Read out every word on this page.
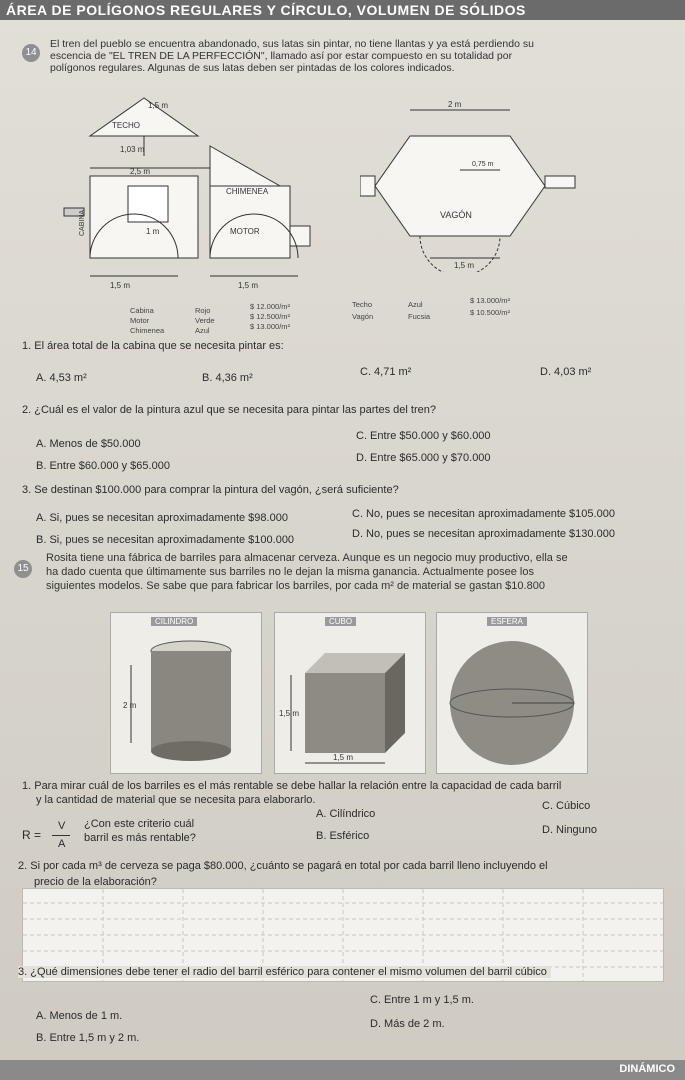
ÁREA DE POLÍGONOS REGULARES Y CÍRCULO, VOLUMEN DE SÓLIDOS
14
El tren del pueblo se encuentra abandonado, sus latas sin pintar, no tiene llantas y ya está perdiendo su
escencia de "EL TREN DE LA PERFECCIÓN", llamado así por estar compuesto en su totalidad por
polígonos regulares. Algunas de sus latas deben ser pintadas de los colores indicados.
1,5 m
TECHO
1,03 m
2,5 m
CHIMENEA
CABINA	1 m	MOTOR
1,5 m	1,5 m
2 m
0,75 m
VAGÓN
1,5 m
Cabina	Rojo	$ 12.000/m²
Motor	Verde	$ 12.500/m²
Chimenea	Azul	$ 13.000/m²
Techo	Azul	$ 13.000/m²
Vagón	Fucsia	$ 10.500/m²
1. El área total de la cabina que se necesita pintar es:
A. 4,53 m²	B. 4,36 m²	C. 4,71 m²	D. 4,03 m²
2. ¿Cuál es el valor de la pintura azul que se necesita para pintar las partes del tren?
A. Menos de $50.000
C. Entre $50.000 y $60.000
B. Entre $60.000 y $65.000
D. Entre $65.000 y $70.000
3. Se destinan $100.000 para comprar la pintura del vagón, ¿será suficiente?
A. Si, pues se necesitan aproximadamente $98.000	C. No, pues se necesitan aproximadamente $105.000
B. Si, pues se necesitan aproximadamente $100.000	D. No, pues se necesitan aproximadamente $130.000
15
Rosita tiene una fábrica de barriles para almacenar cerveza. Aunque es un negocio muy productivo, ella se
ha dado cuenta que últimamente sus barriles no le dejan la misma ganancia. Actualmente posee los
siguientes modelos. Se sabe que para fabricar los barriles, por cada m² de material se gastan $10.800
CILINDRO
2 m
CUBO
1,5 m
1,5 m
ESFERA
1. Para mirar cuál de los barriles es el más rentable se debe hallar la relación entre la capacidad de cada barril
y la cantidad de material que se necesita para elaborarlo.
R =
V
A
¿Con este criterio cuál
barril es más rentable?
A. Cilíndrico
C. Cúbico
B. Esférico	D. Ninguno
2. Si por cada m³ de cerveza se paga $80.000, ¿cuánto se pagará en total por cada barril lleno incluyendo el
precio de la elaboración?
3. ¿Qué dimensiones debe tener el radio del barril esférico para contener el mismo volumen del barril cúbico
A. Menos de 1 m.
C. Entre 1 m y 1,5 m.
B. Entre 1,5 m y 2 m.
D. Más de 2 m.
DINÁMICO
